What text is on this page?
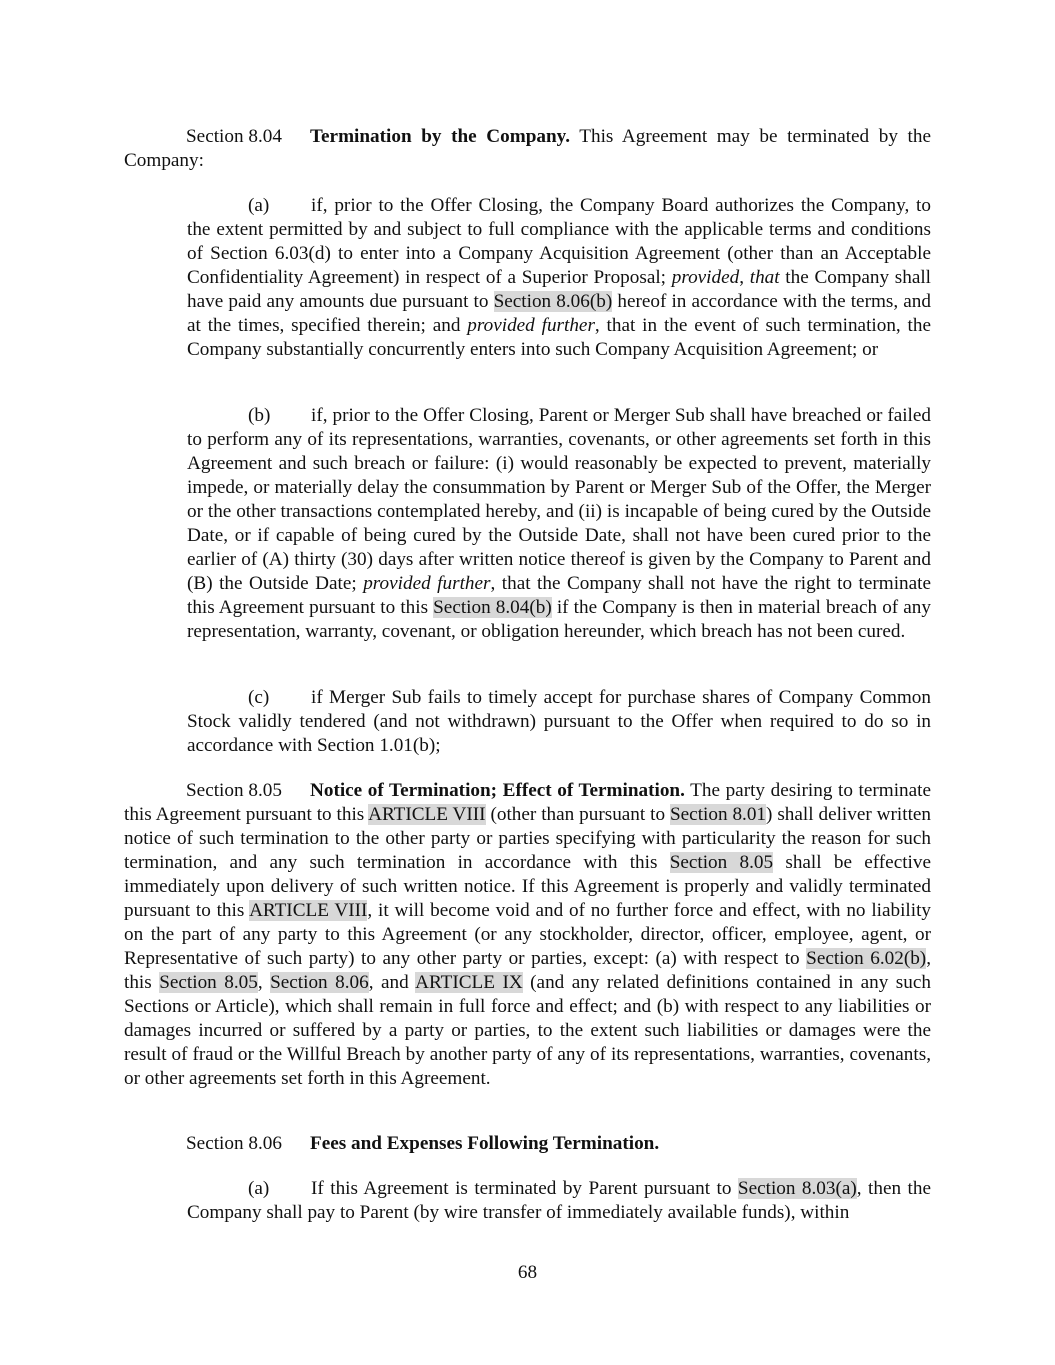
Section 8.04 Termination by the Company. This Agreement may be terminated by the Company:

(a) if, prior to the Offer Closing, the Company Board authorizes the Company, to the extent permitted by and subject to full compliance with the applicable terms and conditions of Section 6.03(d) to enter into a Company Acquisition Agreement (other than an Acceptable Confidentiality Agreement) in respect of a Superior Proposal; provided, that the Company shall have paid any amounts due pursuant to Section 8.06(b) hereof in accordance with the terms, and at the times, specified therein; and provided further, that in the event of such termination, the Company substantially concurrently enters into such Company Acquisition Agreement; or

(b) if, prior to the Offer Closing, Parent or Merger Sub shall have breached or failed to perform any of its representations, warranties, covenants, or other agreements set forth in this Agreement and such breach or failure: (i) would reasonably be expected to prevent, materially impede, or materially delay the consummation by Parent or Merger Sub of the Offer, the Merger or the other transactions contemplated hereby, and (ii) is incapable of being cured by the Outside Date, or if capable of being cured by the Outside Date, shall not have been cured prior to the earlier of (A) thirty (30) days after written notice thereof is given by the Company to Parent and (B) the Outside Date; provided further, that the Company shall not have the right to terminate this Agreement pursuant to this Section 8.04(b) if the Company is then in material breach of any representation, warranty, covenant, or obligation hereunder, which breach has not been cured.

(c) if Merger Sub fails to timely accept for purchase shares of Company Common Stock validly tendered (and not withdrawn) pursuant to the Offer when required to do so in accordance with Section 1.01(b);

Section 8.05 Notice of Termination; Effect of Termination. The party desiring to terminate this Agreement pursuant to this ARTICLE VIII (other than pursuant to Section 8.01) shall deliver written notice of such termination to the other party or parties specifying with particularity the reason for such termination, and any such termination in accordance with this Section 8.05 shall be effective immediately upon delivery of such written notice. If this Agreement is properly and validly terminated pursuant to this ARTICLE VIII, it will become void and of no further force and effect, with no liability on the part of any party to this Agreement (or any stockholder, director, officer, employee, agent, or Representative of such party) to any other party or parties, except: (a) with respect to Section 6.02(b), this Section 8.05, Section 8.06, and ARTICLE IX (and any related definitions contained in any such Sections or Article), which shall remain in full force and effect; and (b) with respect to any liabilities or damages incurred or suffered by a party or parties, to the extent such liabilities or damages were the result of fraud or the Willful Breach by another party of any of its representations, warranties, covenants, or other agreements set forth in this Agreement.

Section 8.06 Fees and Expenses Following Termination.

(a) If this Agreement is terminated by Parent pursuant to Section 8.03(a), then the Company shall pay to Parent (by wire transfer of immediately available funds), within

68
